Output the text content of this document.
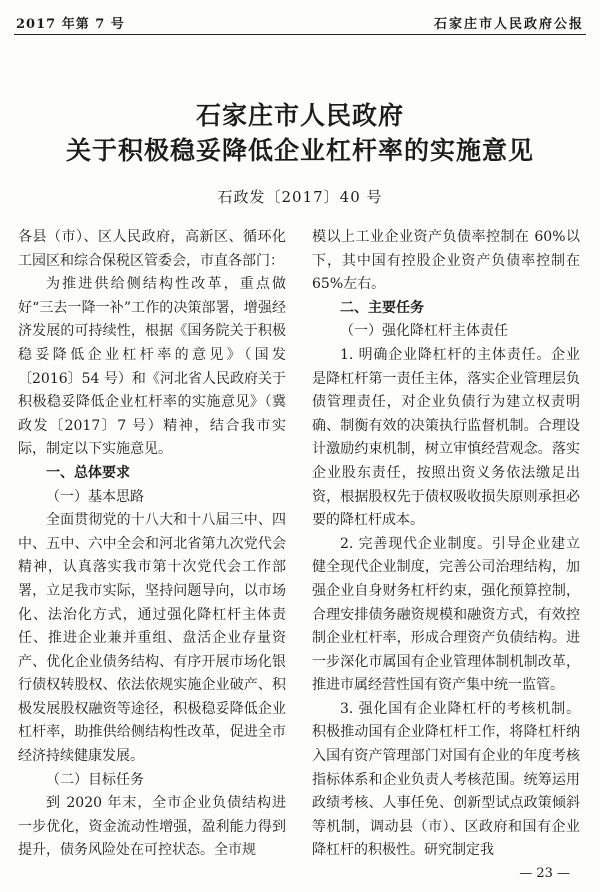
2017 年第 7 号	石家庄市人民政府公报
石家庄市人民政府
关于积极稳妥降低企业杠杆率的实施意见
石政发〔2017〕40 号

各县（市）、区人民政府，高新区、循环化工园区和综合保税区管委会，市直各部门：

为推进供给侧结构性改革，重点做好“三去一降一补”工作的决策部署，增强经济发展的可持续性，根据《国务院关于积极稳妥降低企业杠杆率的意见》（国发〔2016〕54 号）和《河北省人民政府关于积极稳妥降低企业杠杆率的实施意见》（冀政发〔2017〕7 号）精神，结合我市实际，制定以下实施意见。

一、总体要求

（一）基本思路

全面贯彻党的十八大和十八届三中、四中、五中、六中全会和河北省第九次党代会精神，认真落实我市第十次党代会工作部署，立足我市实际，坚持问题导向，以市场化、法治化方式，通过强化降杠杆主体责任、推进企业兼并重组、盘活企业存量资产、优化企业债务结构、有序开展市场化银行债权转股权、依法依规实施企业破产、积极发展股权融资等途径，积极稳妥降低企业杠杆率，助推供给侧结构性改革，促进全市经济持续健康发展。

（二）目标任务

到 2020 年末，全市企业负债结构进一步优化，资金流动性增强，盈利能力得到提升，债务风险处在可控状态。全市规

模以上工业企业资产负债率控制在 60%以下，其中国有控股企业资产负债率控制在 65%左右。

二、主要任务

（一）强化降杠杆主体责任

1. 明确企业降杠杆的主体责任。企业是降杠杆第一责任主体，落实企业管理层负债管理责任，对企业负债行为建立权责明确、制衡有效的决策执行监督机制。合理设计激励约束机制，树立审慎经营观念。落实企业股东责任，按照出资义务依法缴足出资，根据股权先于债权吸收损失原则承担必要的降杠杆成本。

2. 完善现代企业制度。引导企业建立健全现代企业制度，完善公司治理结构，加强企业自身财务杠杆约束，强化预算控制，合理安排债务融资规模和融资方式，有效控制企业杠杆率，形成合理资产负债结构。进一步深化市属国有企业管理体制机制改革，推进市属经营性国有资产集中统一监管。

3. 强化国有企业降杠杆的考核机制。积极推动国有企业降杠杆工作，将降杠杆纳入国有资产管理部门对国有企业的年度考核指标体系和企业负责人考核范围。统筹运用政绩考核、人事任免、创新型试点政策倾斜等机制，调动县（市）、区政府和国有企业降杠杆的积极性。研究制定我

— 23 —
